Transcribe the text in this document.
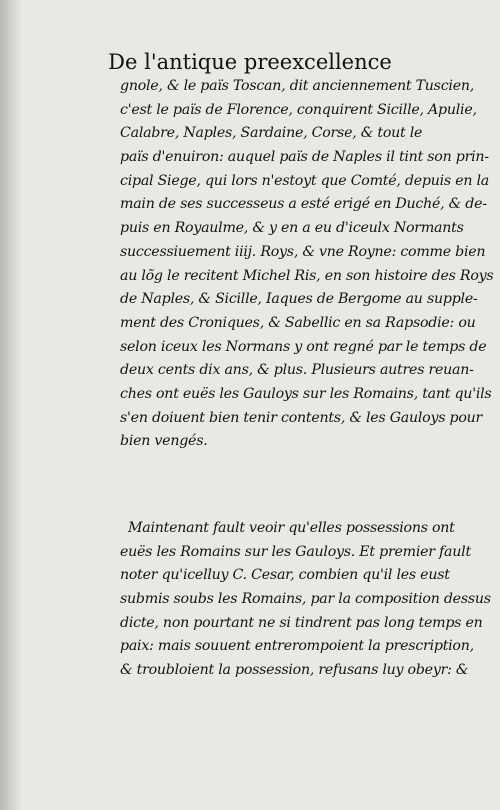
De l'antique preexcellence

gnole, & le païs Toscan, dit anciennement Tuscien,
c'est le païs de Florence, conquirent Sicille, Apulie,
Calabre, Naples, Sardaine, Corse, & tout le
païs d'enuiron: auquel païs de Naples il tint son prin-
cipal Siege, qui lors n'estoyt que Comté, depuis en la
main de ses successeus a esté erigé en Duché, & de-
puis en Royaulme, & y en a eu d'iceulx Normants
successiuement iiij. Roys, & vne Royne: comme bien
au lõg le recitent Michel Ris, en son histoire des Roys
de Naples, & Sicille, Iaques de Bergome au supple-
ment des Croniques, & Sabellic en sa Rapsodie: ou
selon iceux les Normans y ont regné par le temps de
deux cents dix ans, & plus. Plusieurs autres reuan-
ches ont euës les Gauloys sur les Romains, tant qu'ils
s'en doiuent bien tenir contents, & les Gauloys pour
bien vengés.
Maintenant fault veoir qu'elles possessions ont
euës les Romains sur les Gauloys. Et premier fault
noter qu'icelluy C. Cesar, combien qu'il les eust
submis soubs les Romains, par la composition dessus
dicte, non pourtant ne si tindrent pas long temps en
paix: mais souuent entrerompoient la prescription,
& troubloient la possession, refusans luy obeyr: &
